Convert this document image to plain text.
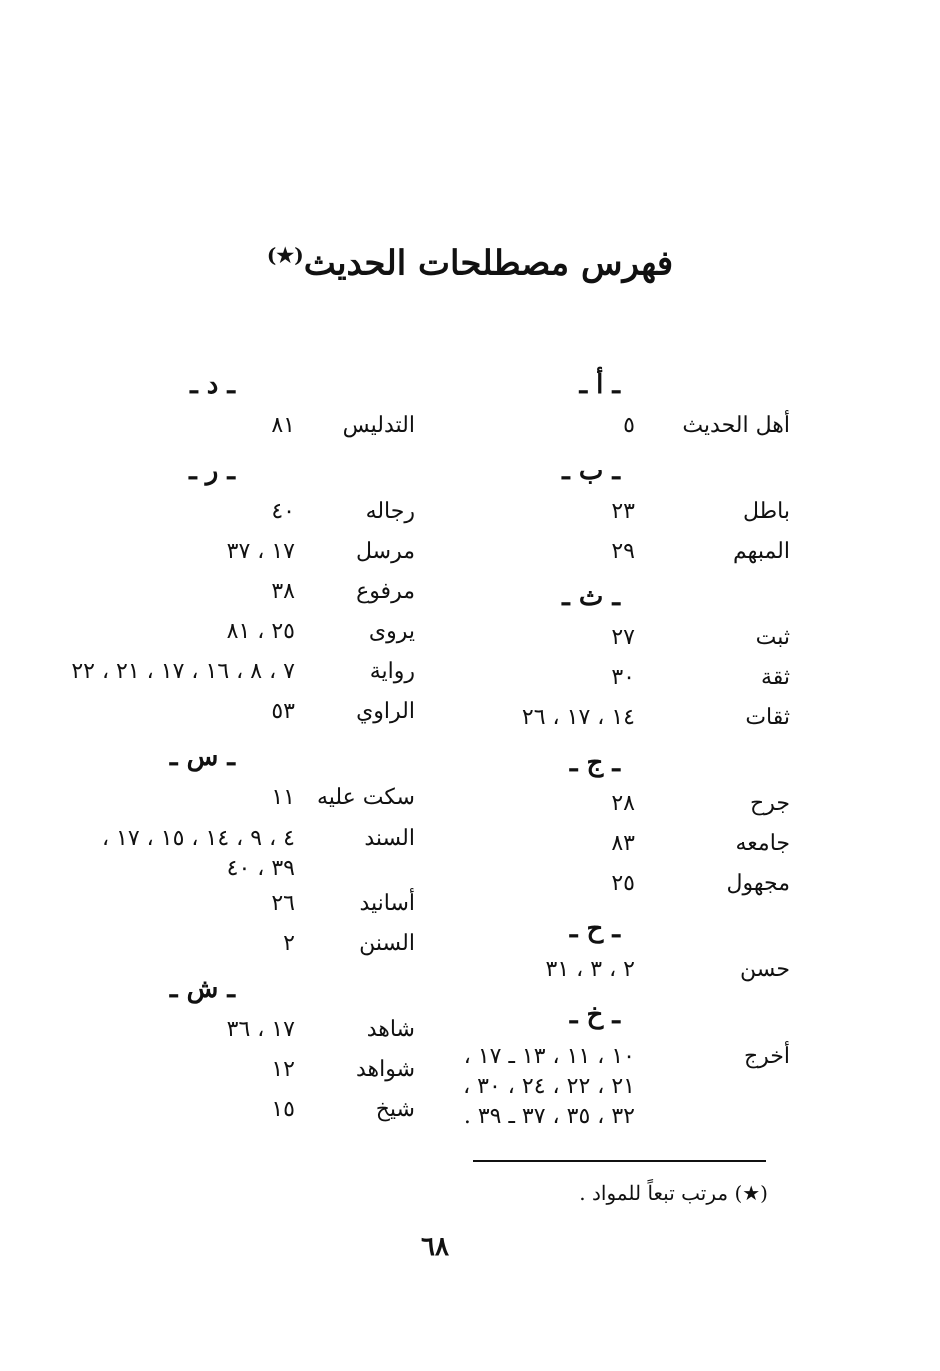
فهرس مصطلحات الحديث(★)
ـ أ ـ
أهل الحديث
٥
ـ ب ـ
باطل
٢٣
المبهم
٢٩
ـ ث ـ
ثبت
٢٧
ثقة
٣٠
ثقات
١٤ ، ١٧ ، ٢٦
ـ ج ـ
جرح
٢٨
جامعه
٨٣
مجهول
٢٥
ـ ح ـ
حسن
٢ ، ٣ ، ٣١
ـ خ ـ
أخرج
١٠ ، ١١ ، ١٣ ـ ١٧ ،
٢١ ، ٢٢ ، ٢٤ ، ٣٠ ،
٣٢ ، ٣٥ ، ٣٧ ـ ٣٩ .
ـ د ـ
التدليس
٨١
ـ ر ـ
رجاله
٤٠
مرسل
١٧ ، ٣٧
مرفوع
٣٨
يروى
٢٥ ، ٨١
رواية
٧ ، ٨ ، ١٦ ، ١٧ ، ٢١ ، ٢٢
الراوي
٥٣
ـ س ـ
سكت عليه
١١
السند
٤ ، ٩ ، ١٤ ، ١٥ ، ١٧ ،
٣٩ ، ٤٠
أسانيد
٢٦
السنن
٢
ـ ش ـ
شاهد
١٧ ، ٣٦
شواهد
١٢
شيخ
١٥
(★) مرتب تبعاً للمواد .
٦٨
